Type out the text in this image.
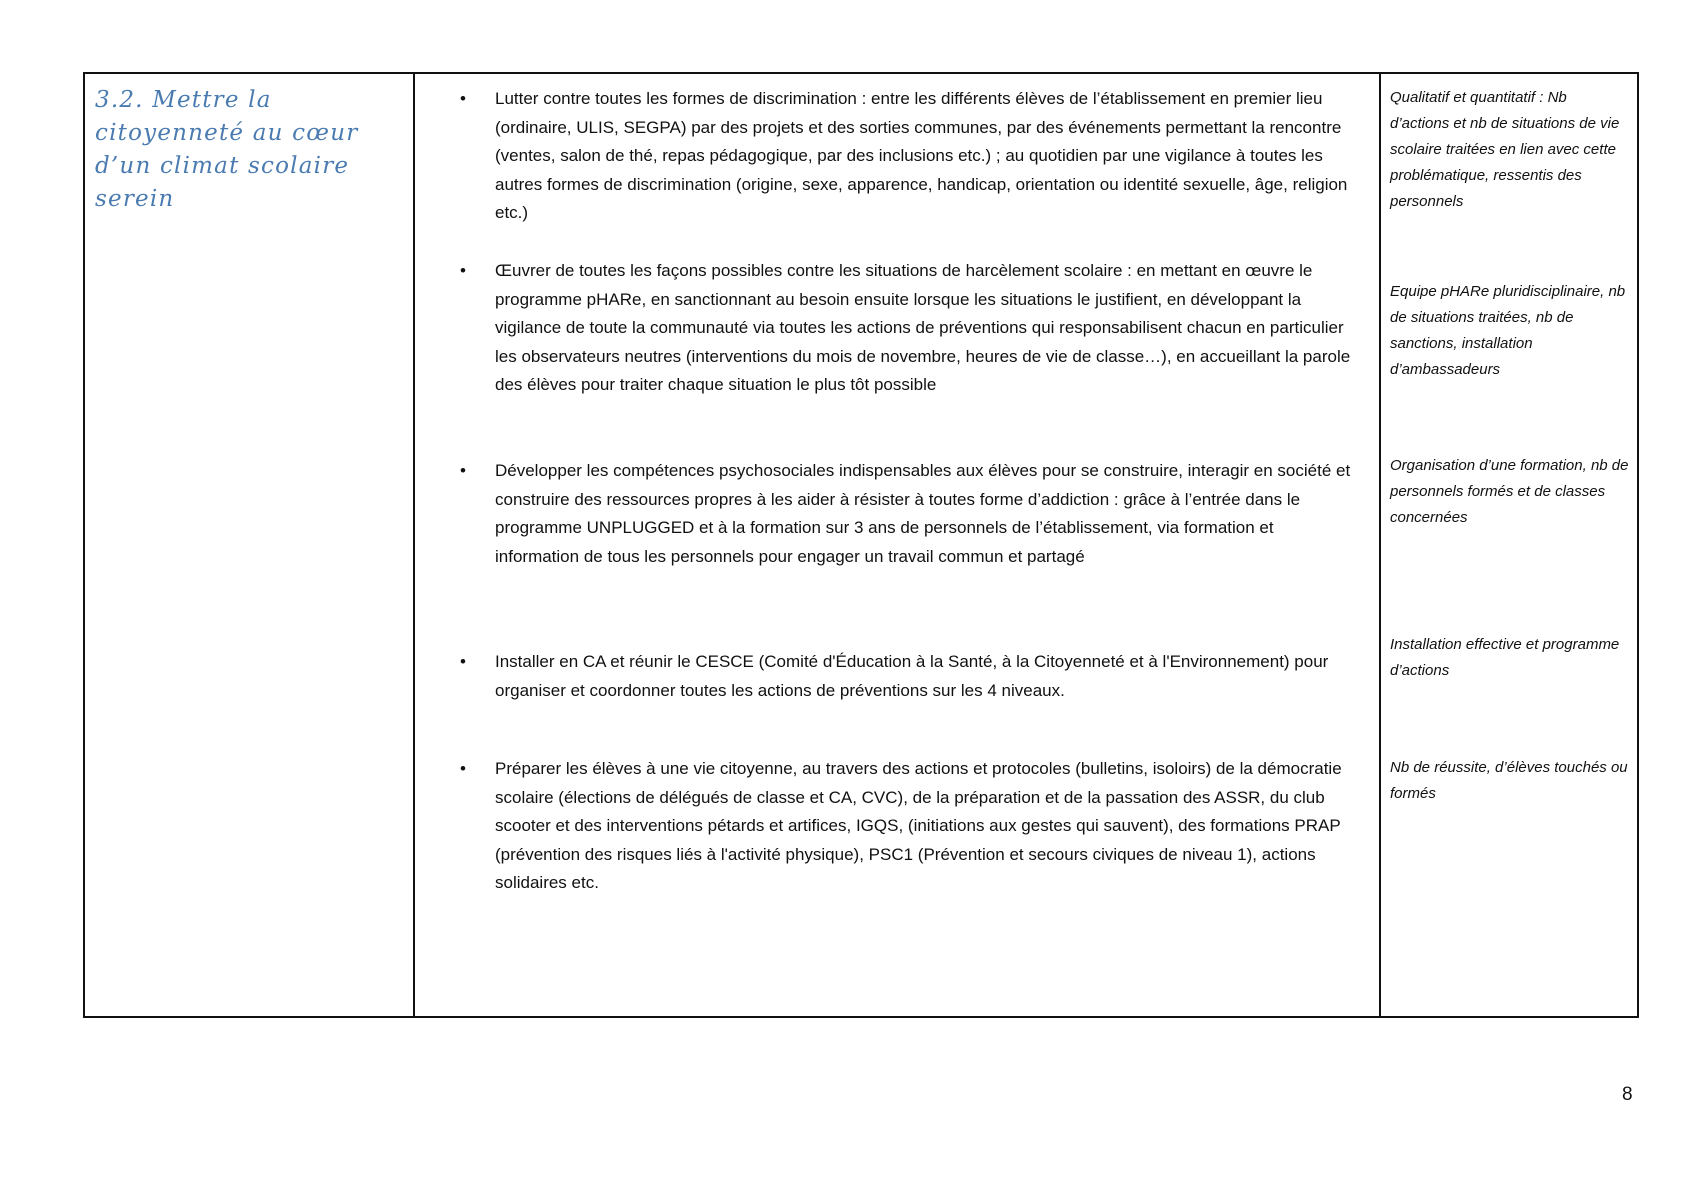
3.2. Mettre la citoyenneté au cœur d’un climat scolaire serein
• Lutter contre toutes les formes de discrimination : entre les différents élèves de l’établissement en premier lieu (ordinaire, ULIS, SEGPA) par des projets et des sorties communes, par des événements permettant la rencontre (ventes, salon de thé, repas pédagogique, par des inclusions etc.) ; au quotidien par une vigilance à toutes les autres formes de discrimination (origine, sexe, apparence, handicap, orientation ou identité sexuelle, âge, religion etc.)
• Œuvrer de toutes les façons possibles contre les situations de harcèlement scolaire : en mettant en œuvre le programme pHARe, en sanctionnant au besoin ensuite lorsque les situations le justifient, en développant la vigilance de toute la communauté via toutes les actions de préventions qui responsabilisent chacun en particulier les observateurs neutres (interventions du mois de novembre, heures de vie de classe…), en accueillant la parole des élèves pour traiter chaque situation le plus tôt possible
• Développer les compétences psychosociales indispensables aux élèves pour se construire, interagir en société et construire des ressources propres à les aider à résister à toutes forme d’addiction : grâce à l’entrée dans le programme UNPLUGGED et à la formation sur 3 ans de personnels de l’établissement, via formation et information de tous les personnels pour engager un travail commun et partagé
• Installer en CA et réunir le CESCE (Comité d'Éducation à la Santé, à la Citoyenneté et à l'Environnement) pour organiser et coordonner toutes les actions de préventions sur les 4 niveaux.
• Préparer les élèves à une vie citoyenne, au travers des actions et protocoles (bulletins, isoloirs) de la démocratie scolaire (élections de délégués de classe et CA, CVC), de la préparation et de la passation des ASSR, du club scooter et des interventions pétards et artifices, IGQS, (initiations aux gestes qui sauvent), des formations PRAP (prévention des risques liés à l'activité physique), PSC1 (Prévention et secours civiques de niveau 1), actions solidaires etc.
Qualitatif et quantitatif : Nb d’actions et nb de situations de vie scolaire traitées en lien avec cette problématique, ressentis des personnels
Equipe pHARe pluridisciplinaire, nb de situations traitées, nb de sanctions, installation d’ambassadeurs
Organisation d’une formation, nb de personnels formés et de classes concernées
Installation effective et programme d’actions
Nb de réussite, d’élèves touchés ou formés
8
